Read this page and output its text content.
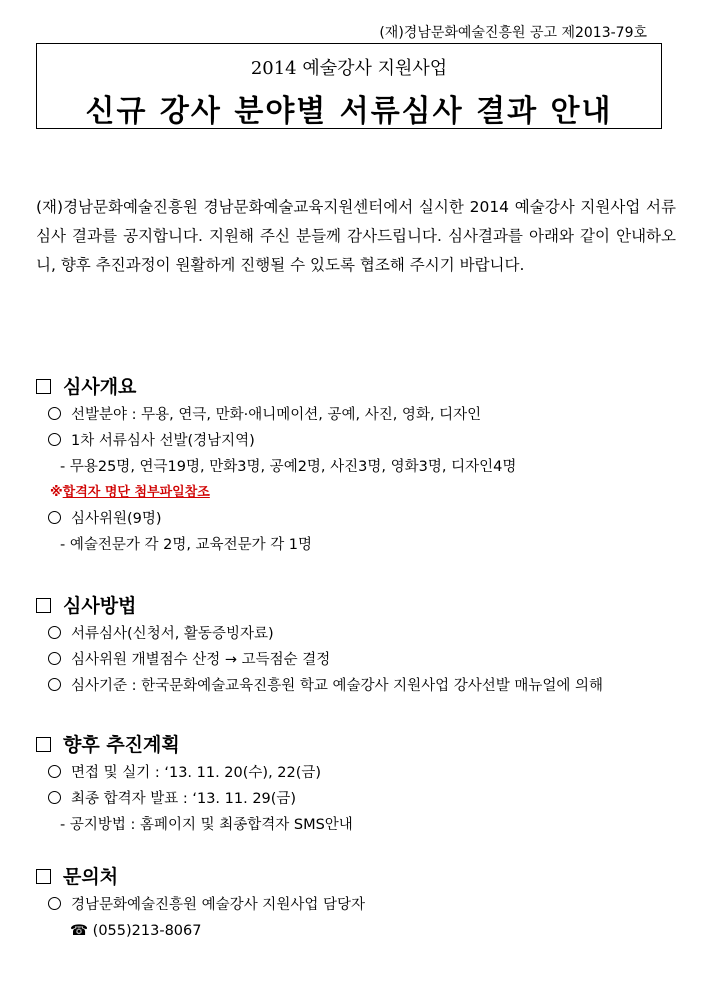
(재)경남문화예술진흥원 공고 제2013-79호
2014 예술강사 지원사업
신규 강사 분야별 서류심사 결과 안내
(재)경남문화예술진흥원 경남문화예술교육지원센터에서 실시한 2014 예술강사 지원사업 서류심사 결과를 공지합니다. 지원해 주신 분들께 감사드립니다. 심사결과를 아래와 같이 안내하오니, 향후 추진과정이 원활하게 진행될 수 있도록 협조해 주시기 바랍니다.
심사개요
선발분야 : 무용, 연극, 만화·애니메이션, 공예, 사진, 영화, 디자인
1차 서류심사 선발(경남지역)
- 무용25명, 연극19명, 만화3명, 공예2명, 사진3명, 영화3명, 디자인4명
※합격자 명단 첨부파일참조
심사위원(9명)
- 예술전문가 각 2명, 교육전문가 각 1명
심사방법
서류심사(신청서, 활동증빙자료)
심사위원 개별점수 산정 → 고득점순 결정
심사기준 : 한국문화예술교육진흥원 학교 예술강사 지원사업 강사선발 매뉴얼에 의해
향후 추진계획
면접 및 실기 : ‘13. 11. 20(수), 22(금)
최종 합격자 발표 : ‘13. 11. 29(금)
- 공지방법 : 홈페이지 및 최종합격자 SMS안내
문의처
경남문화예술진흥원 예술강사 지원사업 담당자
☎ (055)213-8067
